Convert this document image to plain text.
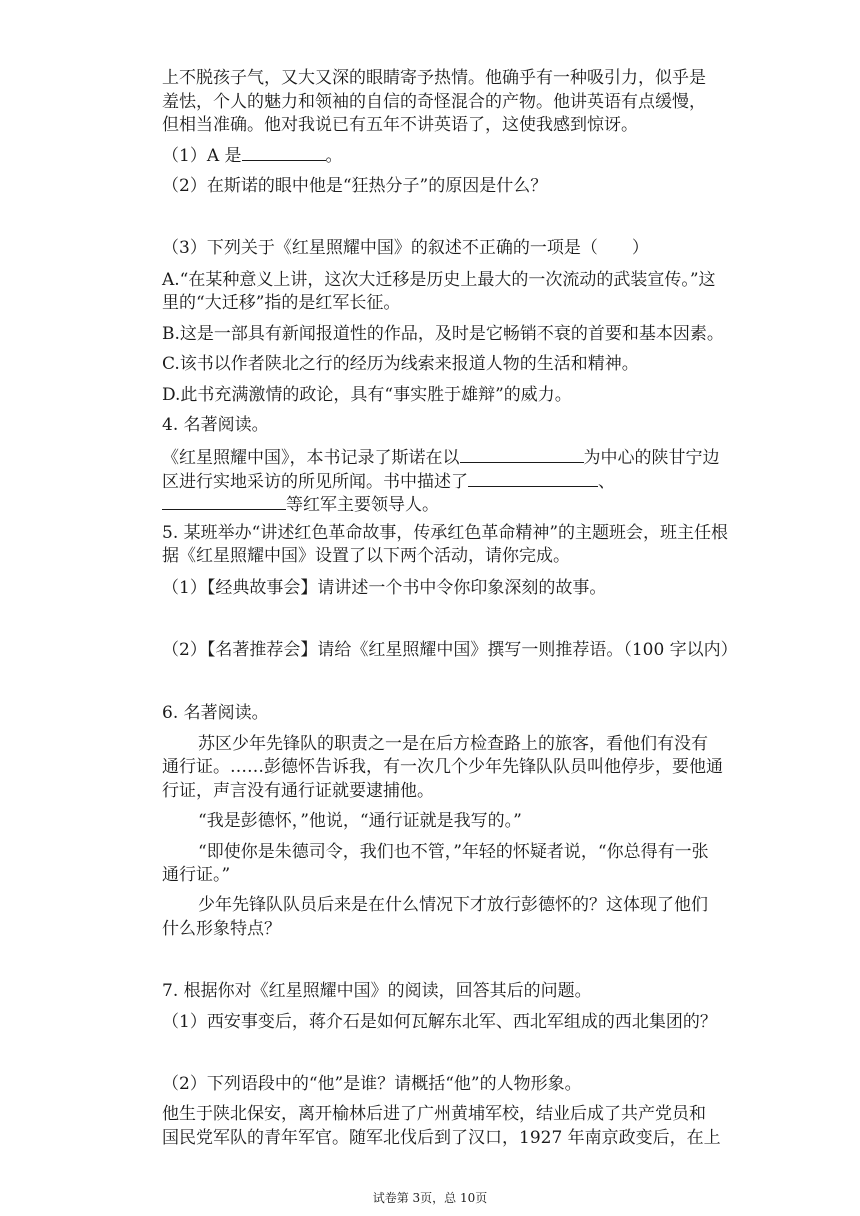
上不脱孩子气，又大又深的眼睛寄予热情。他确乎有一种吸引力，似乎是
羞怯，个人的魅力和领袖的自信的奇怪混合的产物。他讲英语有点缓慢，
但相当准确。他对我说已有五年不讲英语了，这使我感到惊讶。
（1）A 是	。
（2）在斯诺的眼中他是“狂热分子”的原因是什么？
（3）下列关于《红星照耀中国》的叙述不正确的一项是（　　）
A.“在某种意义上讲，这次大迁移是历史上最大的一次流动的武装宣传。”这
里的“大迁移”指的是红军长征。
B.这是一部具有新闻报道性的作品，及时是它畅销不衰的首要和基本因素。
C.该书以作者陕北之行的经历为线索来报道人物的生活和精神。
D.此书充满激情的政论，具有“事实胜于雄辩”的威力。
4. 名著阅读。
《红星照耀中国》，本书记录了斯诺在以	为中心的陕甘宁边
区进行实地采访的所见所闻。书中描述了	、
等红军主要领导人。
5. 某班举办“讲述红色革命故事，传承红色革命精神”的主题班会，班主任根
据《红星照耀中国》设置了以下两个活动，请你完成。
（1）【经典故事会】请讲述一个书中令你印象深刻的故事。
（2）【名著推荐会】请给《红星照耀中国》撰写一则推荐语。（100 字以内）
6. 名著阅读。
苏区少年先锋队的职责之一是在后方检查路上的旅客，看他们有没有
通行证。……彭德怀告诉我，有一次几个少年先锋队队员叫他停步，要他通
行证，声言没有通行证就要逮捕他。
“我是彭德怀，”他说，“通行证就是我写的。”
“即使你是朱德司令，我们也不管，”年轻的怀疑者说，“你总得有一张
通行证。”
少年先锋队队员后来是在什么情况下才放行彭德怀的？这体现了他们
什么形象特点？
7. 根据你对《红星照耀中国》的阅读，回答其后的问题。
（1）西安事变后，蒋介石是如何瓦解东北军、西北军组成的西北集团的？
（2）下列语段中的“他”是谁？请概括“他”的人物形象。
他生于陕北保安，离开榆林后进了广州黄埔军校，结业后成了共产党员和
国民党军队的青年军官。随军北伐后到了汉口，1927 年南京政变后，在上
试卷第 3页，总 10页
